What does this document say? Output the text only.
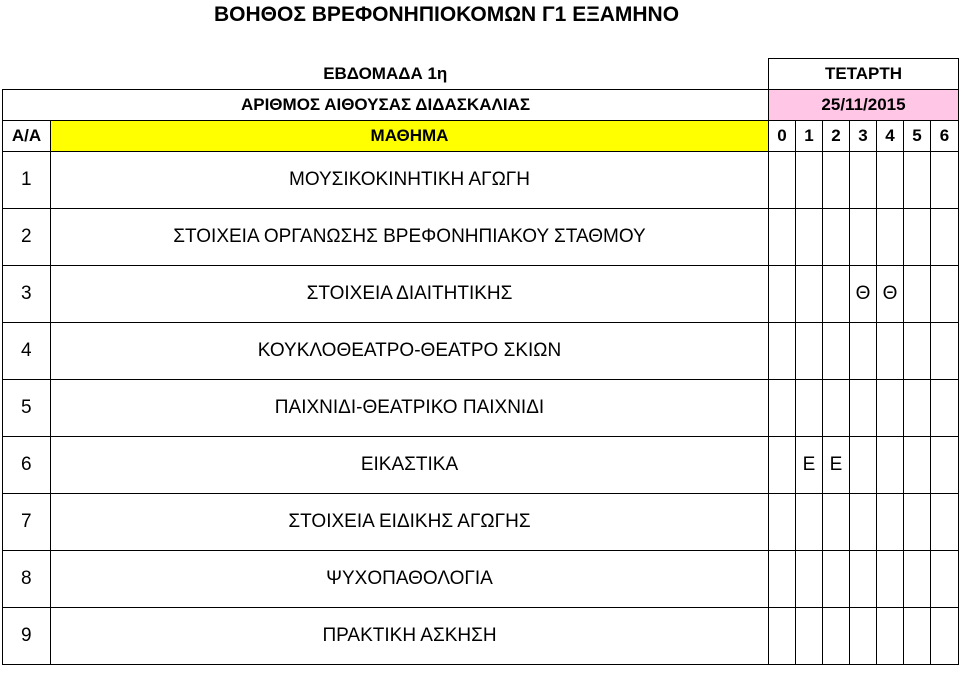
ΒΟΗΘΟΣ ΒΡΕΦΟΝΗΠΙΟΚΟΜΩΝ Γ1 ΕΞΑΜΗΝΟ
ΕΒΔΟΜΑΔΑ 1η		ΤΕΤΑΡΤΗ						
ΑΡΙΘΜΟΣ ΑΙΘΟΥΣΑΣ ΔΙΔΑΣΚΑΛΙΑΣ		25/11/2015						
Α/Α	ΜΑΘΗΜΑ	0	1	2	3	4	5	6
1	ΜΟΥΣΙΚΟΚΙΝΗΤΙΚΗ ΑΓΩΓΗ							
2	ΣΤΟΙΧΕΙΑ ΟΡΓΑΝΩΣΗΣ ΒΡΕΦΟΝΗΠΙΑΚΟΥ ΣΤΑΘΜΟΥ							
3	ΣΤΟΙΧΕΙΑ ΔΙΑΙΤΗΤΙΚΗΣ				Θ	Θ		
4	ΚΟΥΚΛΟΘΕΑΤΡΟ-ΘΕΑΤΡΟ ΣΚΙΩΝ							
5	ΠΑΙΧΝΙΔΙ-ΘΕΑΤΡΙΚΟ ΠΑΙΧΝΙΔΙ							
6	ΕΙΚΑΣΤΙΚΑ		Ε	Ε				
7	ΣΤΟΙΧΕΙΑ ΕΙΔΙΚΗΣ ΑΓΩΓΗΣ							
8	ΨΥΧΟΠΑΘΟΛΟΓΙΑ							
9	ΠΡΑΚΤΙΚΗ ΑΣΚΗΣΗ							
